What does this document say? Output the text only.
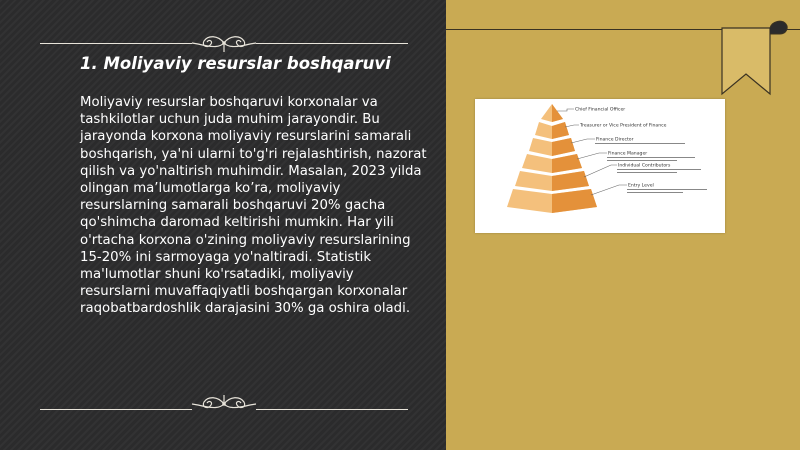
1. Moliyaviy resurslar boshqaruvi
Moliyaviy resurslar boshqaruvi korxonalar va tashkilotlar uchun juda muhim jarayondir. Bu jarayonda korxona moliyaviy resurslarini samarali boshqarish, ya'ni ularni to'g'ri rejalashtirish, nazorat qilish va yo'naltirish muhimdir. Masalan, 2023 yilda olingan ma’lumotlarga ko’ra, moliyaviy resurslarning samarali boshqaruvi 20% gacha qo'shimcha daromad keltirishi mumkin. Har yili o'rtacha korxona o'zining moliyaviy resurslarining 15-20% ini sarmoyaga yo'naltiradi. Statistik ma'lumotlar shuni ko'rsatadiki, moliyaviy resurslarni muvaffaqiyatli boshqargan korxonalar raqobatbardoshlik darajasini 30% ga oshira oladi.
Chief Financial Officer
Treasurer or Vice President of Finance
Finance Director
Finance Manager
Individual Contributors
Entry Level
